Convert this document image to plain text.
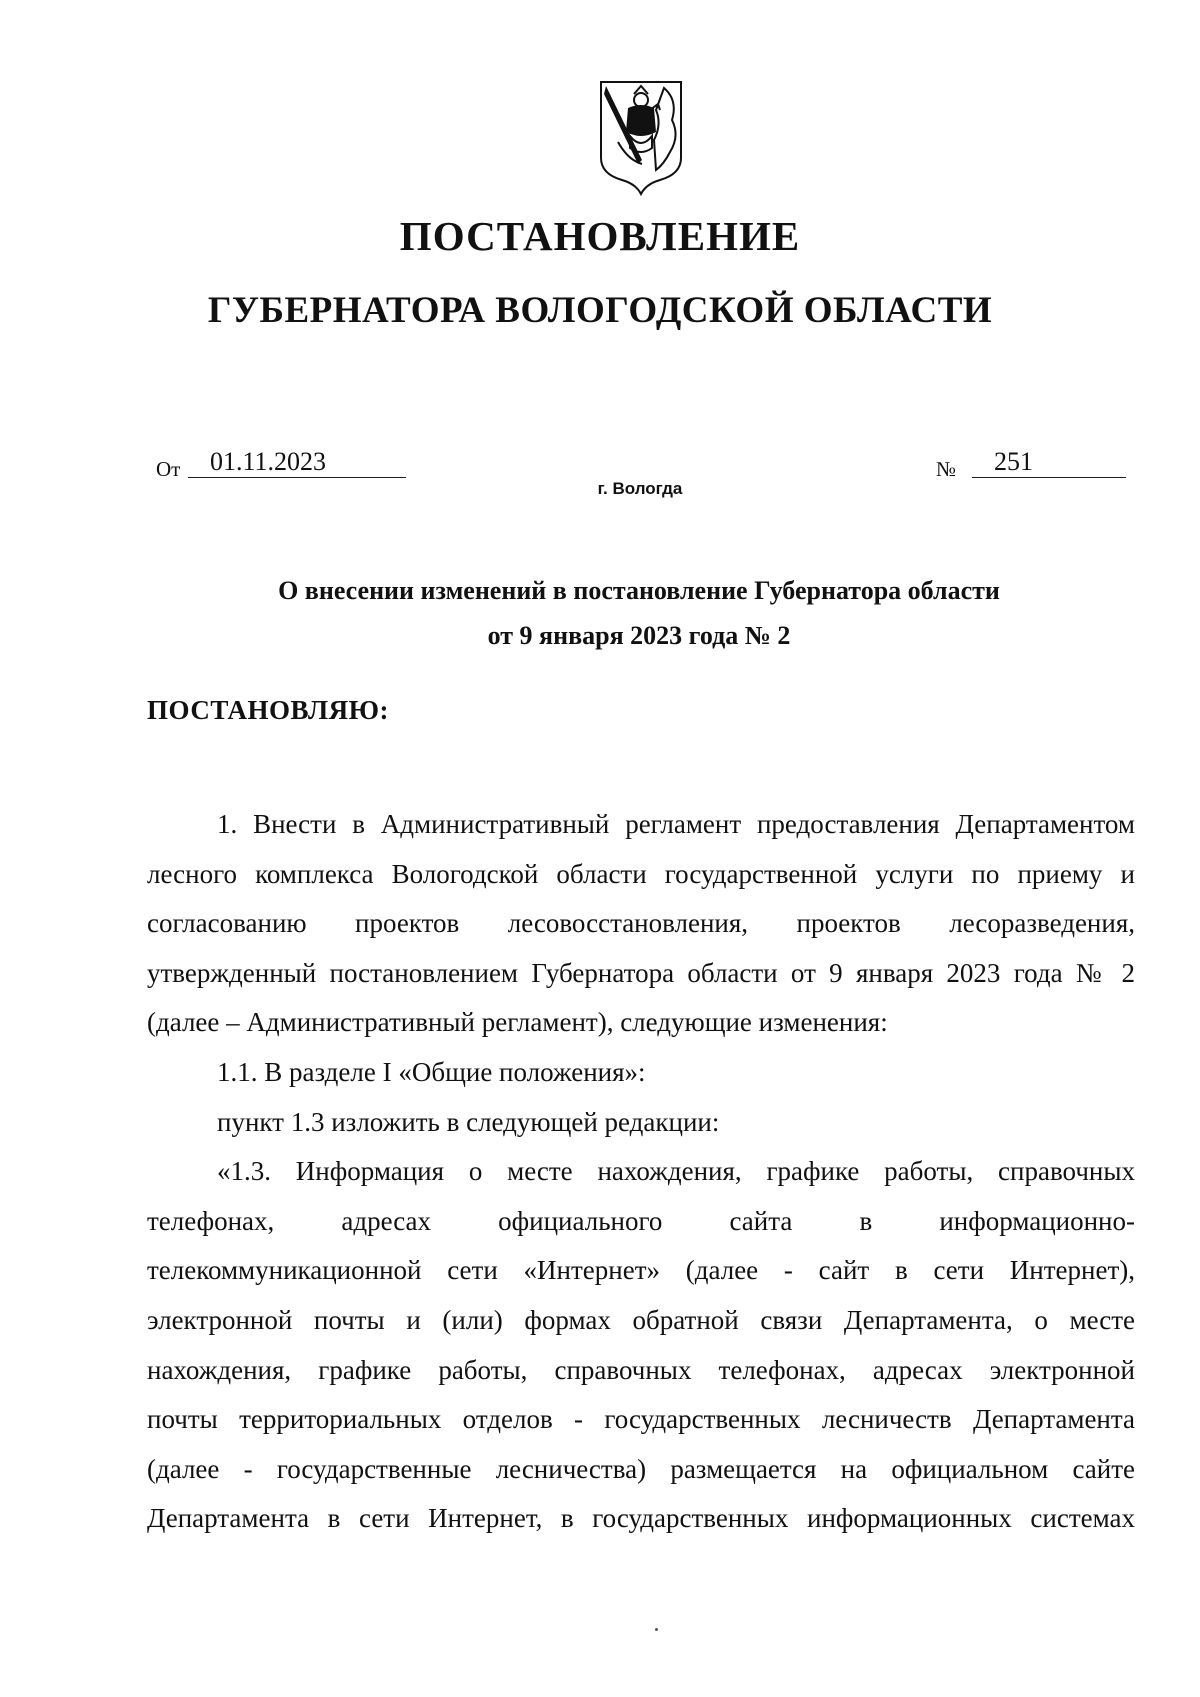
ПОСТАНОВЛЕНИЕ
ГУБЕРНАТОРА ВОЛОГОДСКОЙ ОБЛАСТИ
От	01.11.2023	№	251
г. Вологда
О внесении изменений в постановление Губернатора области
от 9 января 2023 года № 2
ПОСТАНОВЛЯЮ:
1. Внести в Административный регламент предоставления Департаментом
лесного комплекса Вологодской области государственной услуги по приему и
согласованию проектов лесовосстановления, проектов лесоразведения,
утвержденный постановлением Губернатора области от 9 января 2023 года № 2
(далее – Административный регламент), следующие изменения:
1.1. В разделе I «Общие положения»:
пункт 1.3 изложить в следующей редакции:
«1.3. Информация о месте нахождения, графике работы, справочных
телефонах, адресах официального сайта в информационно-
телекоммуникационной сети «Интернет» (далее - сайт в сети Интернет),
электронной почты и (или) формах обратной связи Департамента, о месте
нахождения, графике работы, справочных телефонах, адресах электронной
почты территориальных отделов - государственных лесничеств Департамента
(далее - государственные лесничества) размещается на официальном сайте
Департамента в сети Интернет, в государственных информационных системах
